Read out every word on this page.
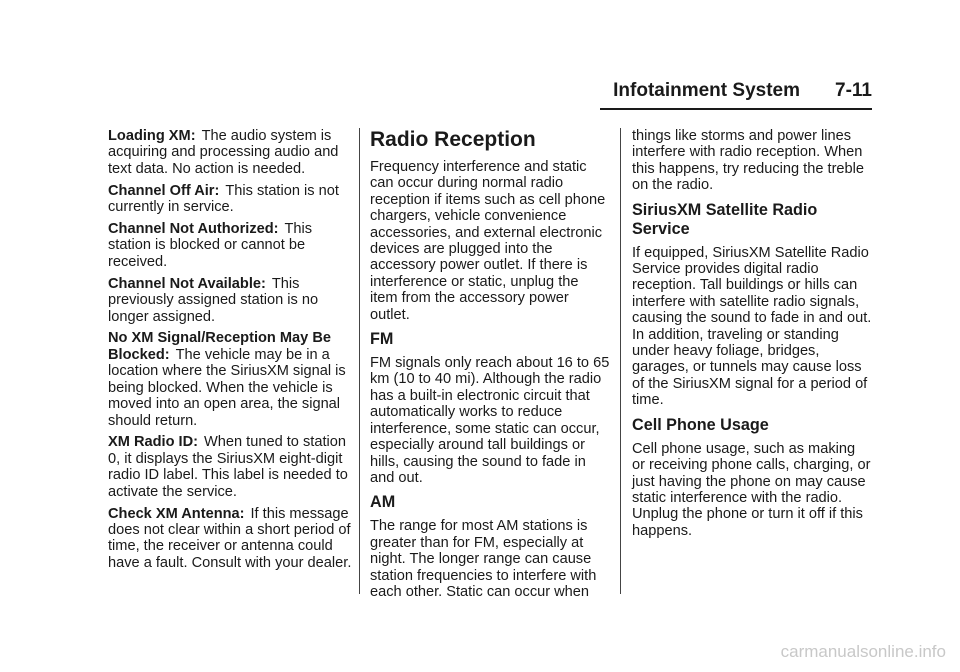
Infotainment System 7-11

Loading XM: The audio system is acquiring and processing audio and text data. No action is needed.

Channel Off Air: This station is not currently in service.

Channel Not Authorized: This station is blocked or cannot be received.

Channel Not Available: This previously assigned station is no longer assigned.

No XM Signal/Reception May Be Blocked: The vehicle may be in a location where the SiriusXM signal is being blocked. When the vehicle is moved into an open area, the signal should return.

XM Radio ID: When tuned to station 0, it displays the SiriusXM eight-digit radio ID label. This label is needed to activate the service.

Check XM Antenna: If this message does not clear within a short period of time, the receiver or antenna could have a fault. Consult with your dealer.

Radio Reception

Frequency interference and static can occur during normal radio reception if items such as cell phone chargers, vehicle convenience accessories, and external electronic devices are plugged into the accessory power outlet. If there is interference or static, unplug the item from the accessory power outlet.

FM

FM signals only reach about 16 to 65 km (10 to 40 mi). Although the radio has a built-in electronic circuit that automatically works to reduce interference, some static can occur, especially around tall buildings or hills, causing the sound to fade in and out.

AM

The range for most AM stations is greater than for FM, especially at night. The longer range can cause station frequencies to interfere with each other. Static can occur when

things like storms and power lines interfere with radio reception. When this happens, try reducing the treble on the radio.

SiriusXM Satellite Radio Service

If equipped, SiriusXM Satellite Radio Service provides digital radio reception. Tall buildings or hills can interfere with satellite radio signals, causing the sound to fade in and out. In addition, traveling or standing under heavy foliage, bridges, garages, or tunnels may cause loss of the SiriusXM signal for a period of time.

Cell Phone Usage

Cell phone usage, such as making or receiving phone calls, charging, or just having the phone on may cause static interference with the radio. Unplug the phone or turn it off if this happens.

carmanualsonline.info
